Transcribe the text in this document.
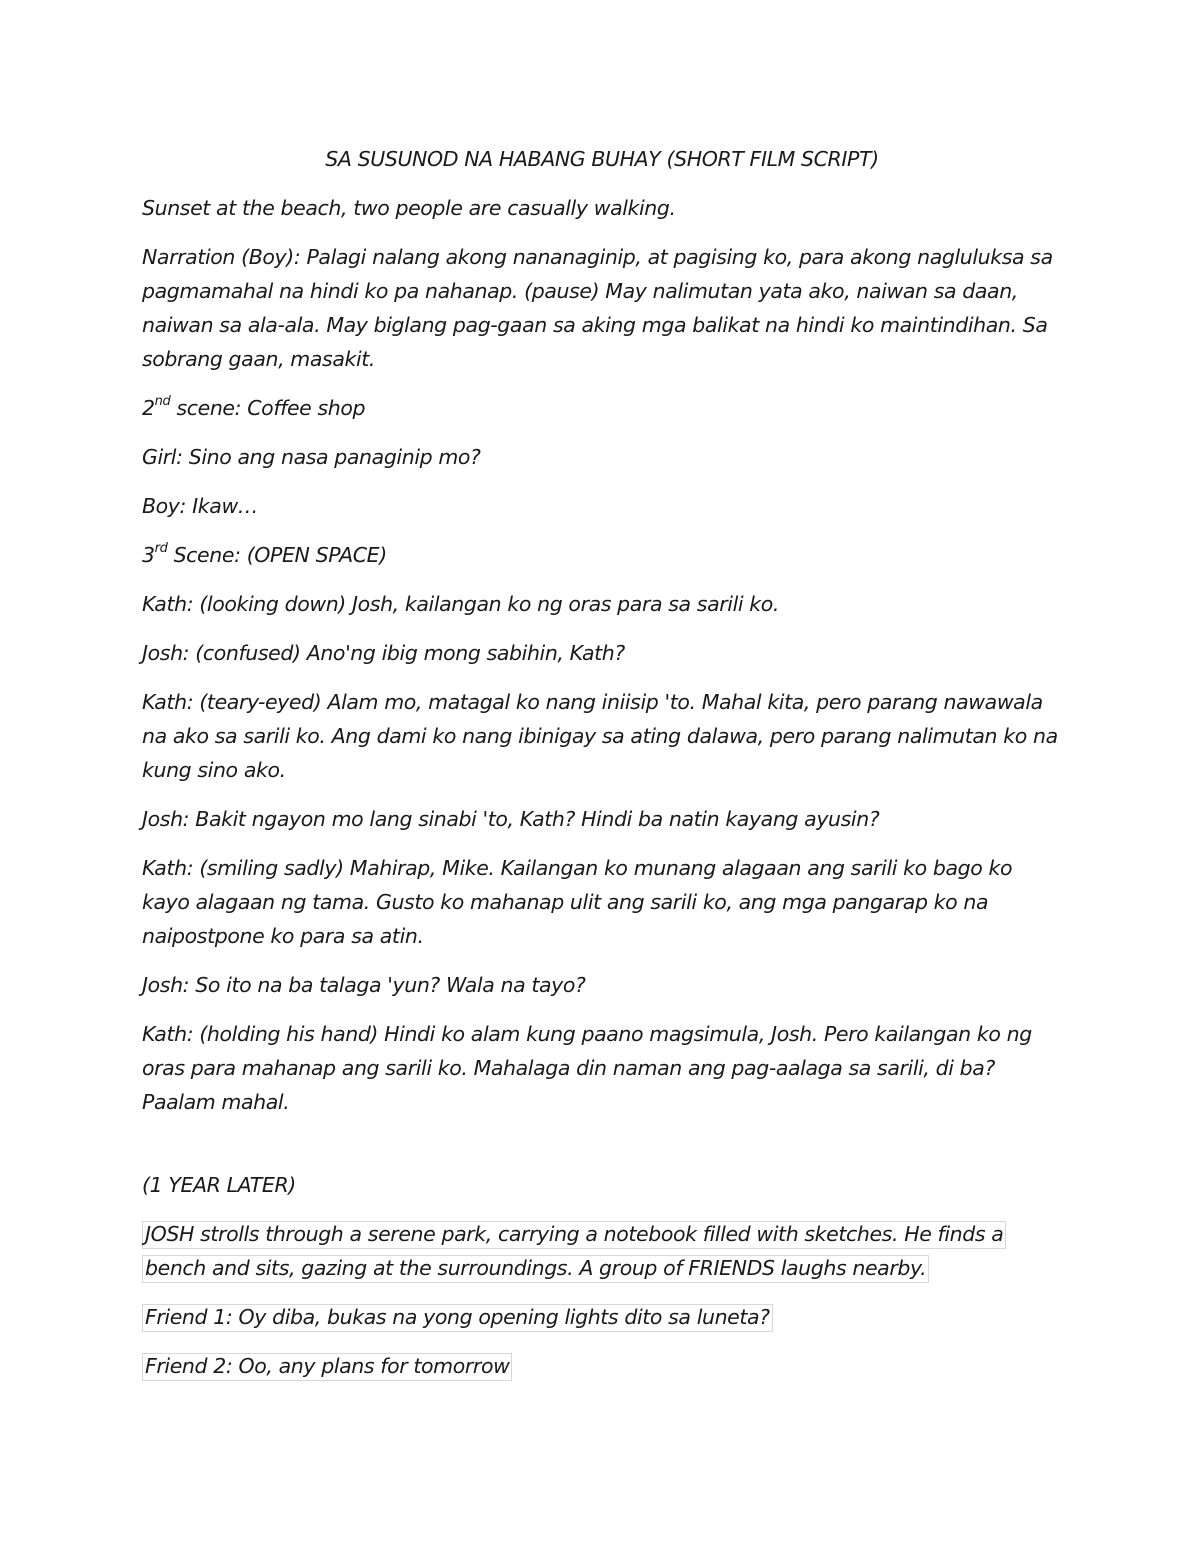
SA SUSUNOD NA HABANG BUHAY (SHORT FILM SCRIPT)

Sunset at the beach, two people are casually walking.

Narration (Boy): Palagi nalang akong nananaginip, at pagising ko, para akong nagluluksa sa pagmamahal na hindi ko pa nahanap. (pause) May nalimutan yata ako, naiwan sa daan, naiwan sa ala-ala. May biglang pag-gaan sa aking mga balikat na hindi ko maintindihan. Sa sobrang gaan, masakit.

2nd scene: Coffee shop

Girl: Sino ang nasa panaginip mo?

Boy: Ikaw…

3rd Scene: (OPEN SPACE)

Kath: (looking down) Josh, kailangan ko ng oras para sa sarili ko.

Josh: (confused) Ano'ng ibig mong sabihin, Kath?

Kath: (teary-eyed) Alam mo, matagal ko nang iniisip 'to. Mahal kita, pero parang nawawala na ako sa sarili ko. Ang dami ko nang ibinigay sa ating dalawa, pero parang nalimutan ko na kung sino ako.

Josh: Bakit ngayon mo lang sinabi 'to, Kath? Hindi ba natin kayang ayusin?

Kath: (smiling sadly) Mahirap, Mike. Kailangan ko munang alagaan ang sarili ko bago ko kayo alagaan ng tama. Gusto ko mahanap ulit ang sarili ko, ang mga pangarap ko na naipostpone ko para sa atin.

Josh: So ito na ba talaga 'yun? Wala na tayo?

Kath: (holding his hand) Hindi ko alam kung paano magsimula, Josh. Pero kailangan ko ng oras para mahanap ang sarili ko. Mahalaga din naman ang pag-aalaga sa sarili, di ba? Paalam mahal.

(1 YEAR LATER)

JOSH strolls through a serene park, carrying a notebook filled with sketches. He finds a bench and sits, gazing at the surroundings. A group of FRIENDS laughs nearby.

Friend 1: Oy diba, bukas na yong opening lights dito sa luneta?

Friend 2: Oo, any plans for tomorrow
